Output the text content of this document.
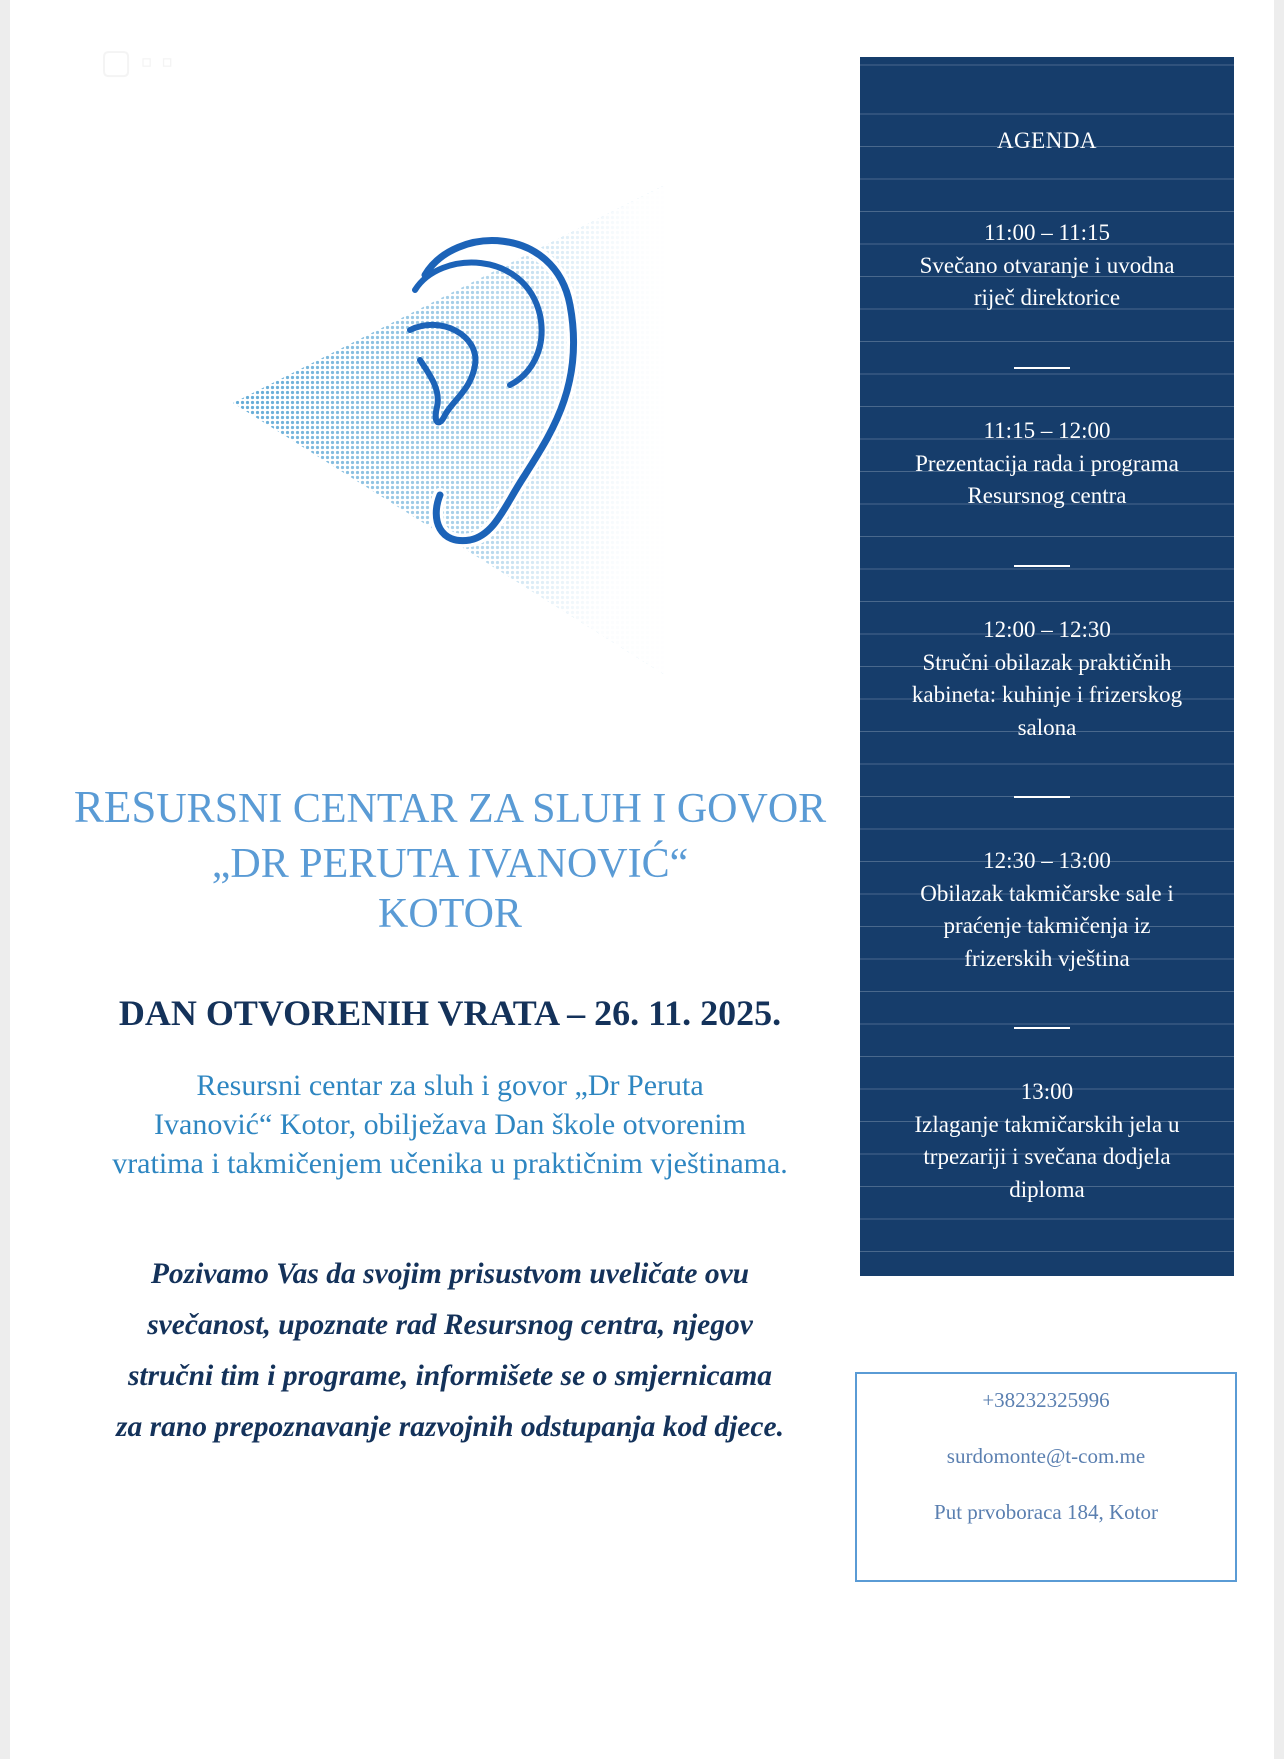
▢ ▫ ▫
RESURSNI CENTAR ZA SLUH I GOVOR
„DR PERUTA IVANOVIĆ“
KOTOR
DAN OTVORENIH VRATA – 26. 11. 2025.
Resursni centar za sluh i govor „Dr Peruta
Ivanović“ Kotor, obilježava Dan škole otvorenim
vratima i takmičenjem učenika u praktičnim vještinama.
Pozivamo Vas da svojim prisustvom uveličate ovu
svečanost, upoznate rad Resursnog centra, njegov
stručni tim i programe, informišete se o smjernicama
za rano prepoznavanje razvojnih odstupanja kod djece.
AGENDA
11:00 – 11:15
Svečano otvaranje i uvodna
riječ direktorice
11:15 – 12:00
Prezentacija rada i programa
Resursnog centra
12:00 – 12:30
Stručni obilazak praktičnih
kabineta: kuhinje i frizerskog
salona
12:30 – 13:00
Obilazak takmičarske sale i
praćenje takmičenja iz
frizerskih vještina
13:00
Izlaganje takmičarskih jela u
trpezariji i svečana dodjela
diploma
+38232325996
surdomonte@t-com.me
Put prvoboraca 184, Kotor
